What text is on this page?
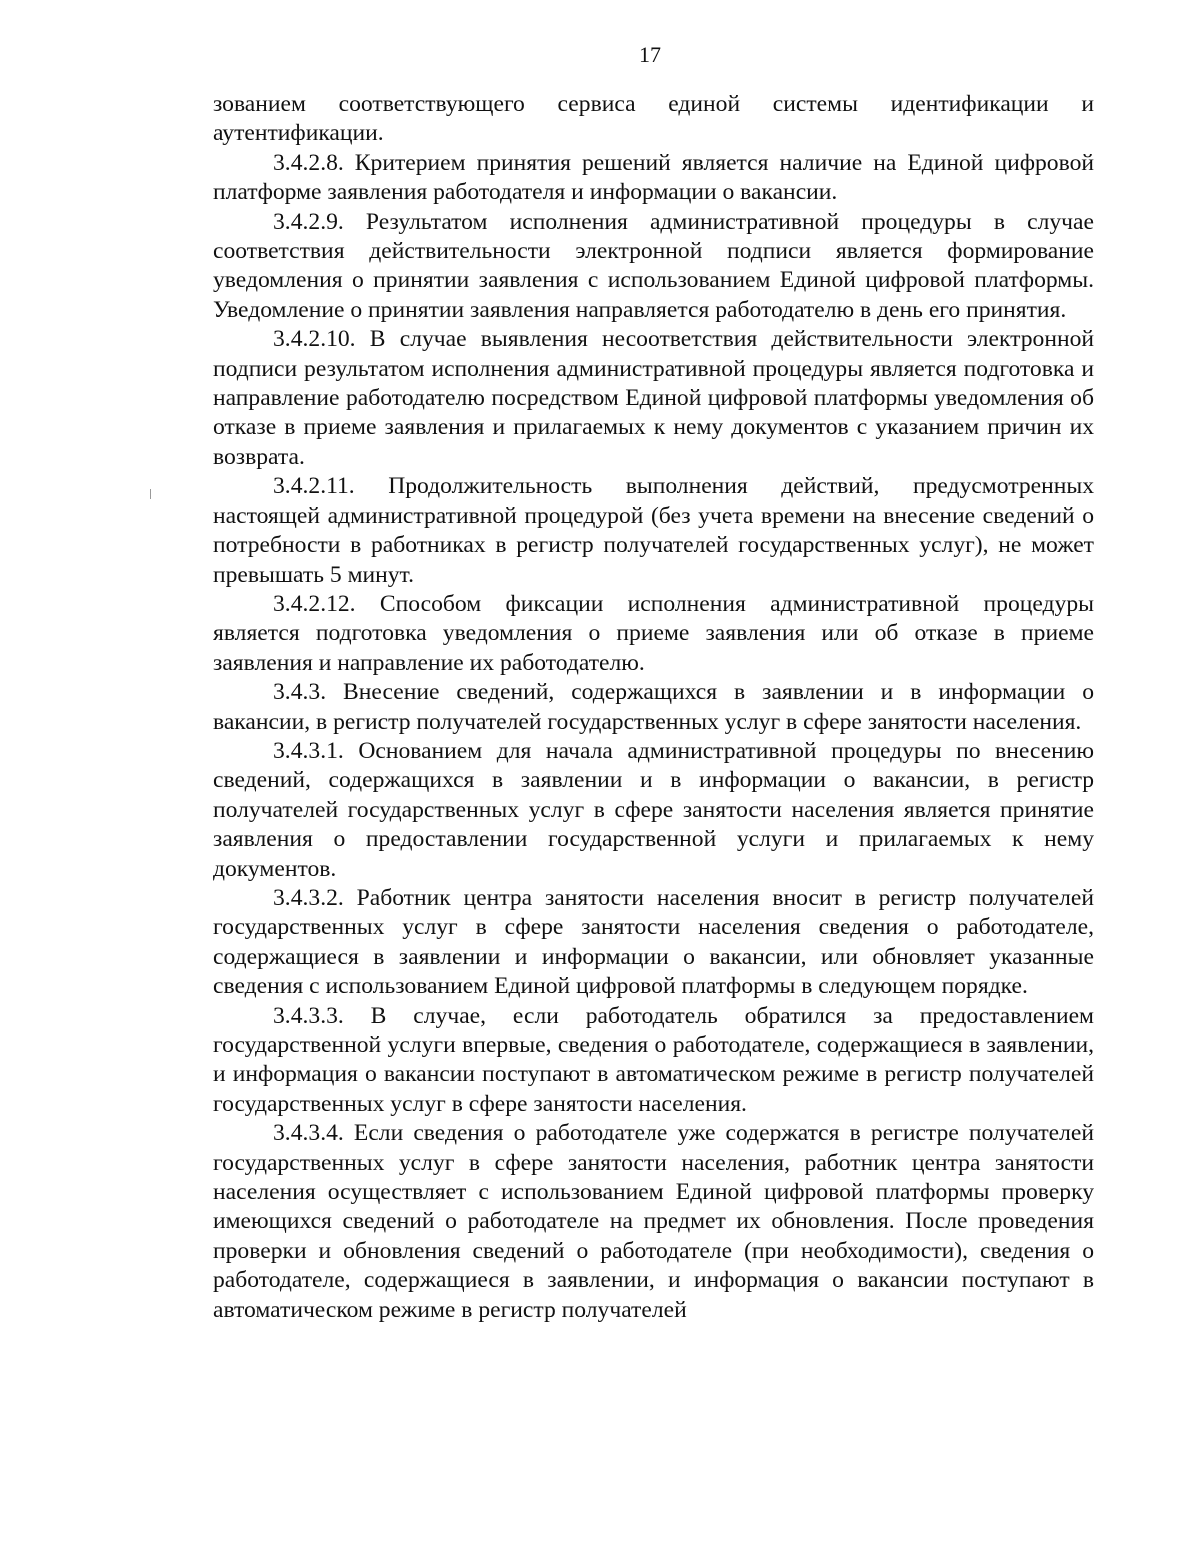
17

зованием соответствующего сервиса единой системы идентификации и аутентификации.

3.4.2.8. Критерием принятия решений является наличие на Единой цифровой платформе заявления работодателя и информации о вакансии.

3.4.2.9. Результатом исполнения административной процедуры в случае соответствия действительности электронной подписи является формирование уведомления о принятии заявления с использованием Единой цифровой платформы. Уведомление о принятии заявления направляется работодателю в день его принятия.

3.4.2.10. В случае выявления несоответствия действительности электронной подписи результатом исполнения административной процедуры является подготовка и направление работодателю посредством Единой цифровой платформы уведомления об отказе в приеме заявления и прилагаемых к нему документов с указанием причин их возврата.

3.4.2.11. Продолжительность выполнения действий, предусмотренных настоящей административной процедурой (без учета времени на внесение сведений о потребности в работниках в регистр получателей государственных услуг), не может превышать 5 минут.

3.4.2.12. Способом фиксации исполнения административной процедуры является подготовка уведомления о приеме заявления или об отказе в приеме заявления и направление их работодателю.

3.4.3. Внесение сведений, содержащихся в заявлении и в информации о вакансии, в регистр получателей государственных услуг в сфере занятости населения.

3.4.3.1. Основанием для начала административной процедуры по внесению сведений, содержащихся в заявлении и в информации о вакансии, в регистр получателей государственных услуг в сфере занятости населения является принятие заявления о предоставлении государственной услуги и прилагаемых к нему документов.

3.4.3.2. Работник центра занятости населения вносит в регистр получателей государственных услуг в сфере занятости населения сведения о работодателе, содержащиеся в заявлении и информации о вакансии, или обновляет указанные сведения с использованием Единой цифровой платформы в следующем порядке.

3.4.3.3. В случае, если работодатель обратился за предоставлением государственной услуги впервые, сведения о работодателе, содержащиеся в заявлении, и информация о вакансии поступают в автоматическом режиме в регистр получателей государственных услуг в сфере занятости населения.

3.4.3.4. Если сведения о работодателе уже содержатся в регистре получателей государственных услуг в сфере занятости населения, работник центра занятости населения осуществляет с использованием Единой цифровой платформы проверку имеющихся сведений о работодателе на предмет их обновления. После проведения проверки и обновления сведений о работодателе (при необходимости), сведения о работодателе, содержащиеся в заявлении, и информация о вакансии поступают в автоматическом режиме в регистр получателей
